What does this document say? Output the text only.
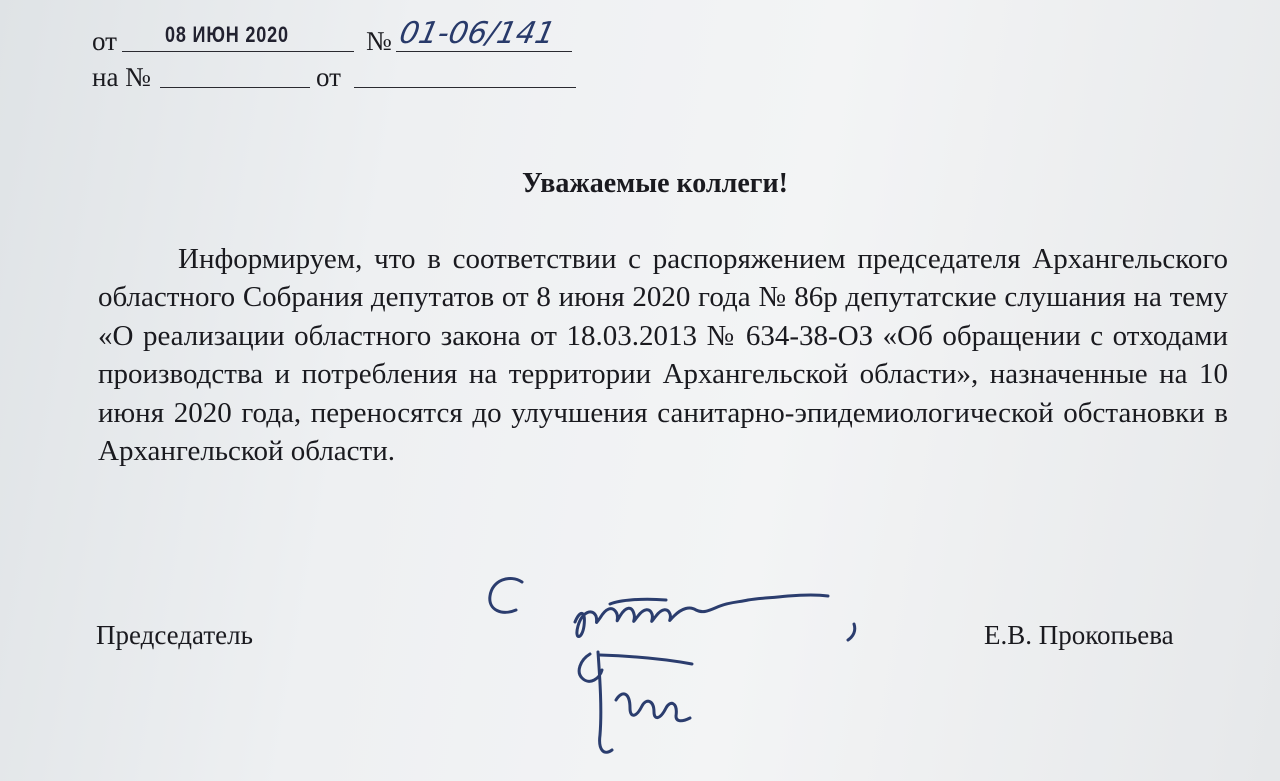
от 08 ИЮН 2020	№ 01-06/141
на №	от
Уважаемые коллеги!
Информируем, что в соответствии с распоряжением председателя Архангельского областного Собрания депутатов от 8 июня 2020 года № 86р депутатские слушания на тему «О реализации областного закона от 18.03.2013 № 634-38-ОЗ «Об обращении с отходами производства и потребления на территории Архангельской области», назначенные на 10 июня 2020 года, переносятся до улучшения санитарно-эпидемиологической обстановки в Архангельской области.
Председатель	Е.В. Прокопьева
